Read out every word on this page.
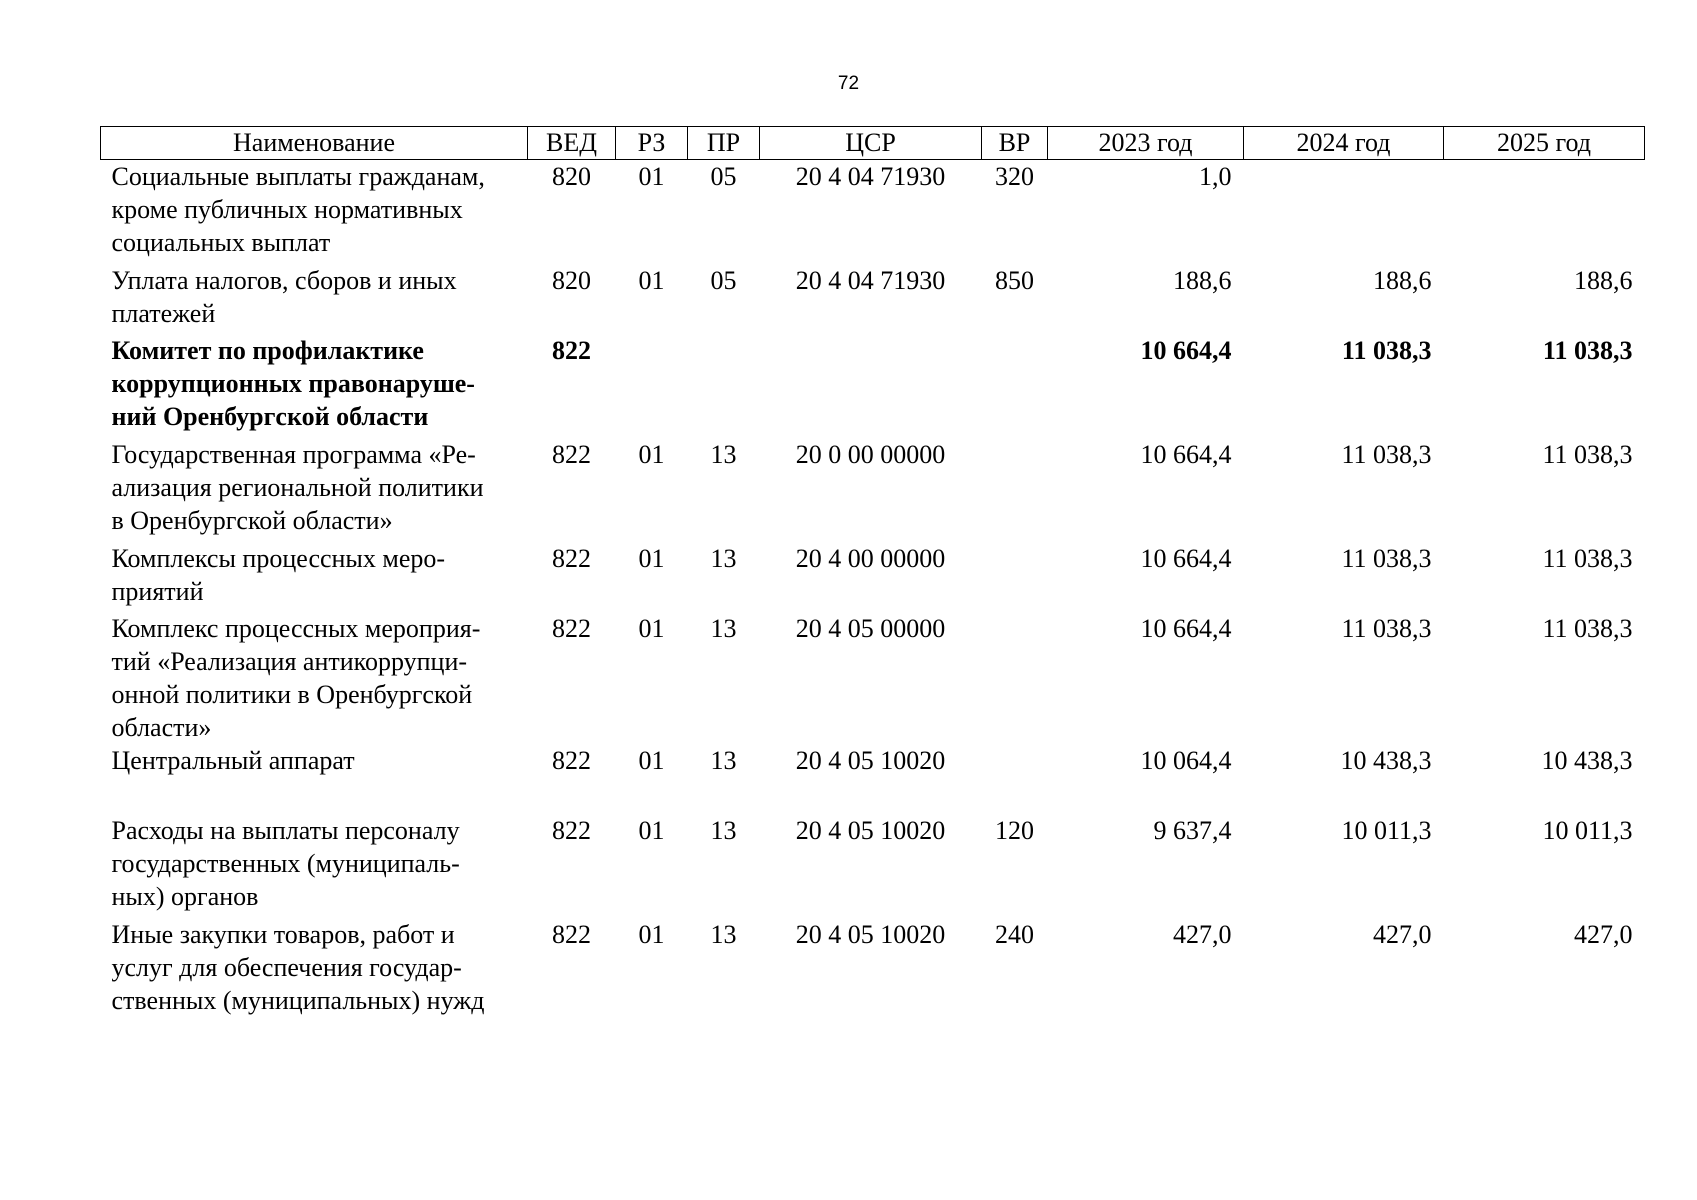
72
Наименование	ВЕД	РЗ	ПР	ЦСР	ВР	2023 год	2024 год	2025 год

Социальные выплаты гражданам,
кроме публичных нормативных
социальных выплат	820	01	05	20 4 04 71930	320	1,0		

Уплата налогов, сборов и иных
платежей	820	01	05	20 4 04 71930	850	188,6	188,6	188,6

Комитет по профилактике
коррупционных правонаруше-
ний Оренбургской области	822					10 664,4	11 038,3	11 038,3

Государственная программа «Ре-
ализация региональной политики
в Оренбургской области»	822	01	13	20 0 00 00000		10 664,4	11 038,3	11 038,3

Комплексы процессных меро-
приятий	822	01	13	20 4 00 00000		10 664,4	11 038,3	11 038,3

Комплекс процессных мероприя-
тий «Реализация антикоррупци-
онной политики в Оренбургской
области»	822	01	13	20 4 05 00000		10 664,4	11 038,3	11 038,3

Центральный аппарат	822	01	13	20 4 05 10020		10 064,4	10 438,3	10 438,3

Расходы на выплаты персоналу
государственных (муниципаль-
ных) органов	822	01	13	20 4 05 10020	120	9 637,4	10 011,3	10 011,3

Иные закупки товаров, работ и
услуг для обеспечения государ-
ственных (муниципальных) нужд	822	01	13	20 4 05 10020	240	427,0	427,0	427,0
